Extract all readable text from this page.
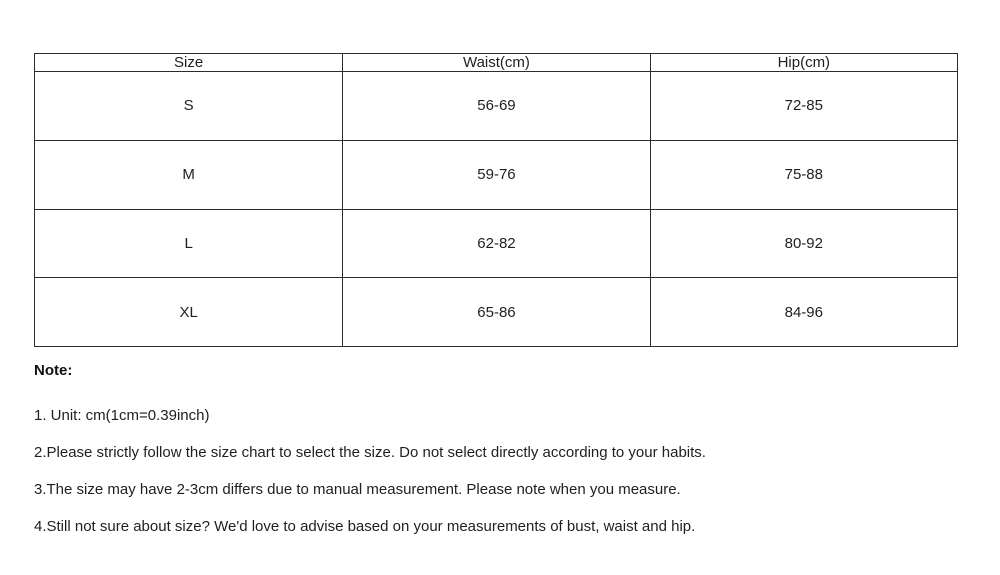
Size	Waist(cm)	Hip(cm)
S	56-69	72-85
M	59-76	75-88
L	62-82	80-92
XL	65-86	84-96
Note:

1. Unit: cm(1cm=0.39inch)

2.Please strictly follow the size chart to select the size. Do not select directly according to your habits.

3.The size may have 2-3cm differs due to manual measurement. Please note when you measure.

4.Still not sure about size? We'd love to advise based on your measurements of bust, waist and hip.
